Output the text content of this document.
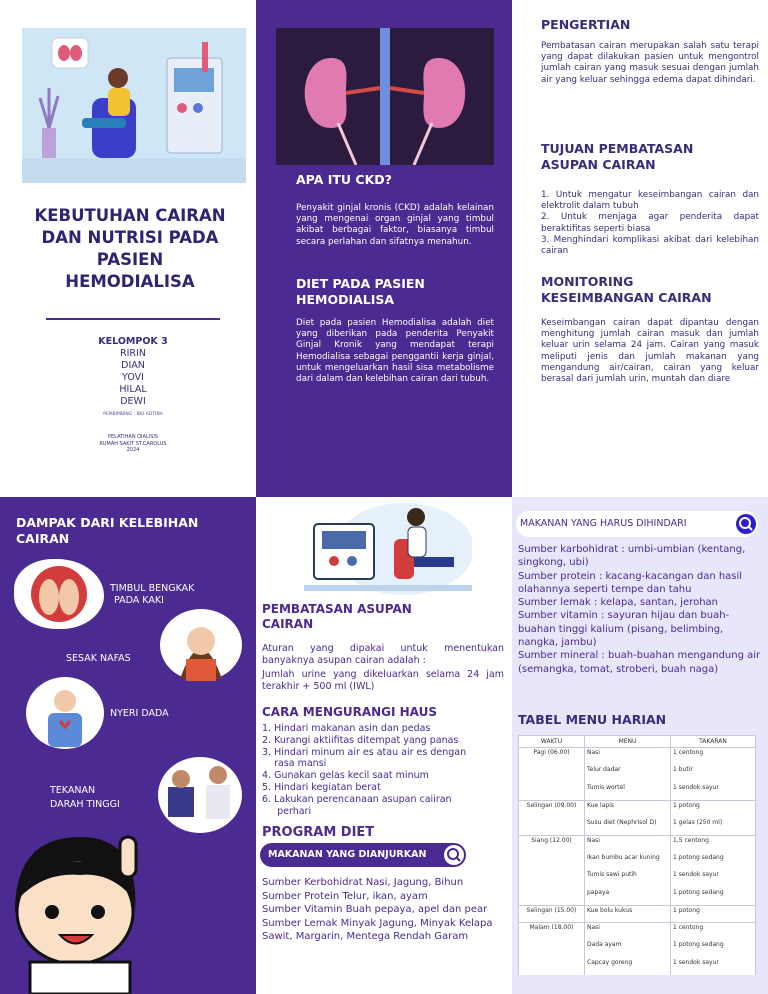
KEBUTUHAN CAIRAN DAN NUTRISI PADA PASIEN HEMODIALISA
KELOMPOK 3
RIRIN
DIAN
YOVI
HILAL
DEWI
PEMBIMBING : IBU ADTINA
PELATIHAN DIALISIS
RUMAH SAKIT ST.CAROLUS
2024
APA ITU CKD?

Penyakit ginjal kronis (CKD) adalah kelainan yang mengenai organ ginjal yang timbul akibat berbagai faktor, biasanya timbul secara perlahan dan sifatnya menahun.

DIET PADA PASIEN HEMODIALISA

Diet pada pasien Hemodialisa adalah diet yang diberikan pada penderita Penyakit Ginjal Kronik yang mendapat terapi Hemodialisa sebagai penggantii kerja ginjal, untuk mengeluarkan hasil sisa metabolisme dari dalam dan kelebihan cairan dari tubuh.

PENGERTIAN

Pembatasan cairan merupakan salah satu terapi yang dapat dilakukan pasien untuk mengontrol jumlah cairan yang masuk sesuai dengan jumlah air yang keluar sehingga edema dapat dihindari.

TUJUAN PEMBATASAN ASUPAN CAIRAN
1. Untuk mengatur keseimbangan cairan dan elektrolit dalam tubuh
2. Untuk menjaga agar penderita dapat beraktifitas seperti biasa
3. Menghindari komplikasi akibat dari kelebihan cairan
MONITORING KESEIMBANGAN CAIRAN

Keseimbangan cairan dapat dipantau dengan menghitung jumlah cairan masuk dan jumlah keluar urin selama 24 jam. Cairan yang masuk meliputi jenis dan jumlah makanan yang mengandung air/cairan, cairan yang keluar berasal dari jumlah urin, muntah dan diare

DAMPAK DARI KELEBIHAN CAIRAN
TIMBUL BENGKAK
PADA KAKI
SESAK NAFAS
NYERI DADA
TEKANAN
DARAH TINGGI
PEMBATASAN ASUPAN CAIRAN

Aturan yang dipakai untuk menentukan banyaknya asupan cairan adalah :

Jumlah urine yang dikeluarkan selama 24 jam terakhir + 500 ml (IWL)

CARA MENGURANGI HAUS
1. Hindari makanan asin dan pedas
2. Kurangi aktiifitas ditempat yang panas
3. Hindari minum air es atau air es dengan
rasa mansi
4. Gunakan gelas kecil saat minum
5. Hindari kegiatan berat
6. Lakukan perencanaan asupan caiiran
perhari
PROGRAM DIET
MAKANAN YANG DIANJURKAN
Sumber Kerbohidrat Nasi, Jagung, Bihun
Sumber Protein Telur, ikan, ayam
Sumber Vitamin Buah pepaya, apel dan pear
Sumber Lemak Minyak Jagung, Minyak Kelapa Sawit, Margarin, Mentega Rendah Garam
MAKANAN YANG HARUS DIHINDARI
Sumber karbohidrat : umbi-umbian (kentang, singkong, ubi)
Sumber protein : kacang-kacangan dan hasil olahannya seperti tempe dan tahu
Sumber lemak : kelapa, santan, jerohan
Sumber vitamin : sayuran hijau dan buah-buahan tinggi kalium (pisang, belimbing, nangka, jambu)
Sumber mineral : buah-buahan mengandung air (semangka, tomat, stroberi, buah naga)
TABEL MENU HARIAN
WAKTU	MENU	TAKARAN
Pagi (06.00)	Nasi	1 centong
	Telur dadar	1 butir
	Tumis wortel	1 sendok sayur
Selingan (09.00)	Kue lapis	1 potong
	Susu diet (Nephrisol D)	1 gelas (250 ml)
Siang (12.00)	Nasi	1,5 centong
	Ikan bumbu acar kuning	1 potong sedang
	Tumis sawi putih	1 sendok sayur
	papaya	1 potong sedang
Selingan (15.00)	Kue bolu kukus	1 potong
Malam (18.00)	Nasi	1 centong
	Dada ayam	1 potong sedang
	Capcay goreng	1 sendok sayur
